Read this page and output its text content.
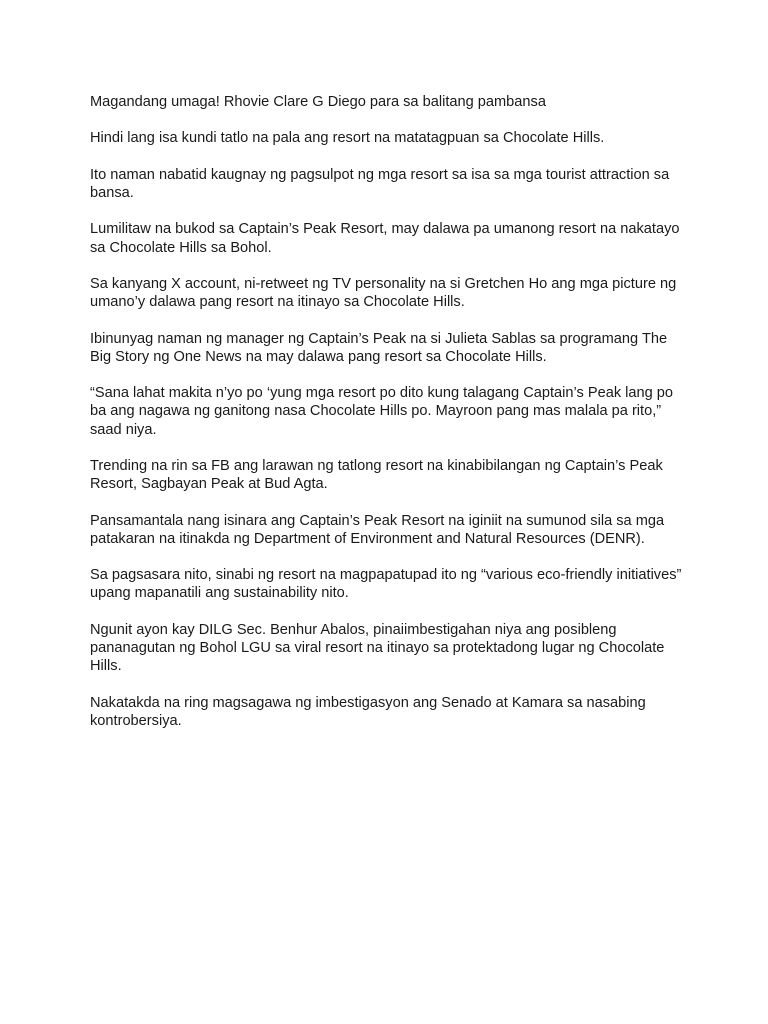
Magandang umaga! Rhovie Clare G Diego para sa balitang pambansa

Hindi lang isa kundi tatlo na pala ang resort na matatagpuan sa Chocolate Hills.

Ito naman nabatid kaugnay ng pagsulpot ng mga resort sa isa sa mga tourist attraction sa bansa.

Lumilitaw na bukod sa Captain’s Peak Resort, may dalawa pa umanong resort na nakatayo sa Chocolate Hills sa Bohol.

Sa kanyang X account, ni-retweet ng TV personality na si Gretchen Ho ang mga picture ng umano’y dalawa pang resort na itinayo sa Chocolate Hills.

Ibinunyag naman ng manager ng Captain’s Peak na si Julieta Sablas sa programang The Big Story ng One News na may dalawa pang resort sa Chocolate Hills.

“Sana lahat makita n’yo po ‘yung mga resort po dito kung talagang Captain’s Peak lang po ba ang nagawa ng ganitong nasa Chocolate Hills po. Mayroon pang mas malala pa rito,” saad niya.

Trending na rin sa FB ang larawan ng tatlong resort na kinabibilangan ng Captain’s Peak Resort, Sagbayan Peak at Bud Agta.

Pansamantala nang isinara ang Captain’s Peak Resort na iginiit na sumunod sila sa mga patakaran na itinakda ng Department of Environment and Natural Resources (DENR).

Sa pagsasara nito, sinabi ng resort na magpapatupad ito ng “various eco-friendly initiatives” upang mapanatili ang sustainability nito.

Ngunit ayon kay DILG Sec. Benhur Abalos, pinaiimbestigahan niya ang posibleng pananagutan ng Bohol LGU sa viral resort na itinayo sa protektadong lugar ng Chocolate Hills.

Nakatakda na ring magsagawa ng imbestigasyon ang Senado at Kamara sa nasabing kontrobersiya.
